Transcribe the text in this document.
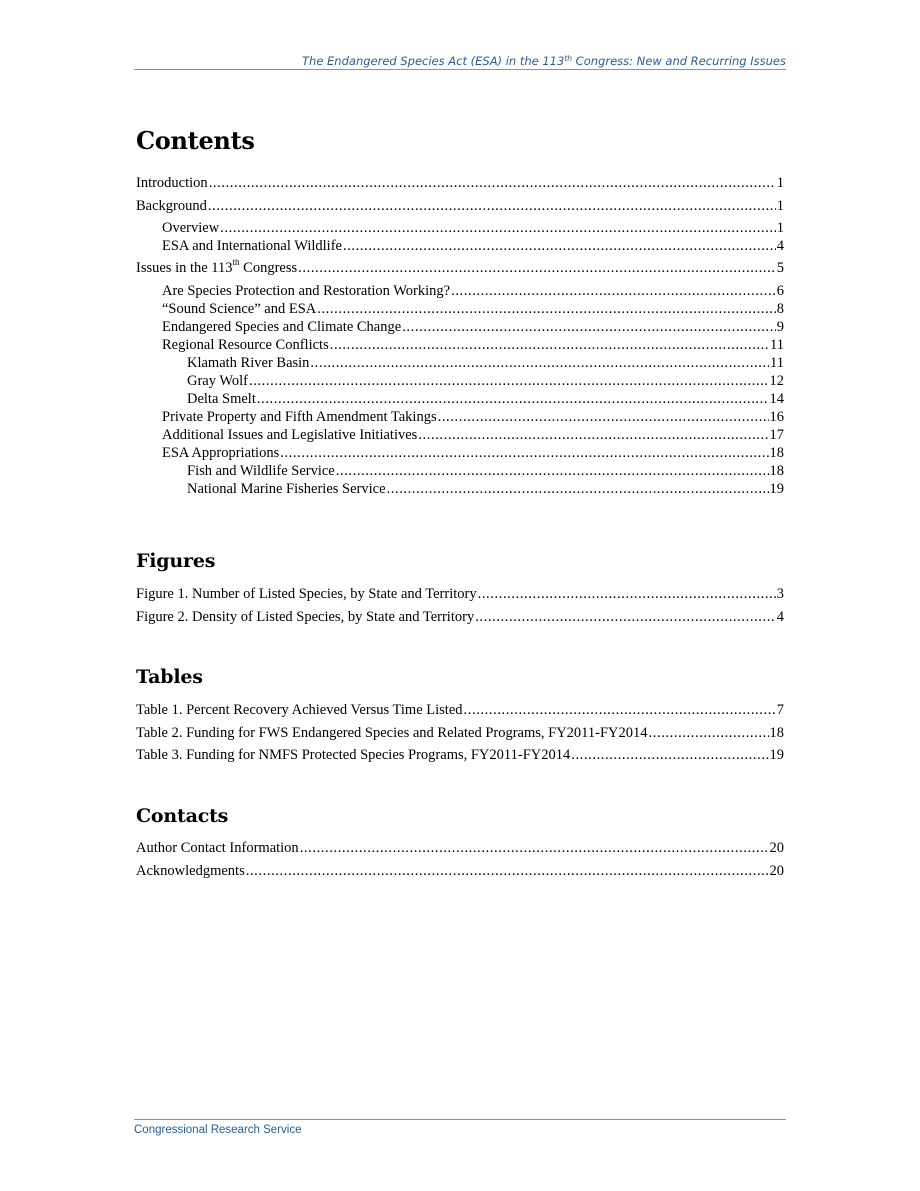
The Endangered Species Act (ESA) in the 113th Congress: New and Recurring Issues
Contents
Introduction .....	1
Background .....	1
Overview .....	1
ESA and International Wildlife .....	4
Issues in the 113th Congress .....	5
Are Species Protection and Restoration Working? .....	6
“Sound Science” and ESA .....	8
Endangered Species and Climate Change .....	9
Regional Resource Conflicts .....	11
Klamath River Basin .....	11
Gray Wolf .....	12
Delta Smelt .....	14
Private Property and Fifth Amendment Takings .....	16
Additional Issues and Legislative Initiatives .....	17
ESA Appropriations .....	18
Fish and Wildlife Service .....	18
National Marine Fisheries Service .....	19
Figures
Figure 1. Number of Listed Species, by State and Territory .....	3
Figure 2. Density of Listed Species, by State and Territory .....	4
Tables
Table 1. Percent Recovery Achieved Versus Time Listed .....	7
Table 2. Funding for FWS Endangered Species and Related Programs, FY2011-FY2014 .....	18
Table 3. Funding for NMFS Protected Species Programs, FY2011-FY2014 .....	19
Contacts
Author Contact Information .....	20
Acknowledgments .....	20
Congressional Research Service
